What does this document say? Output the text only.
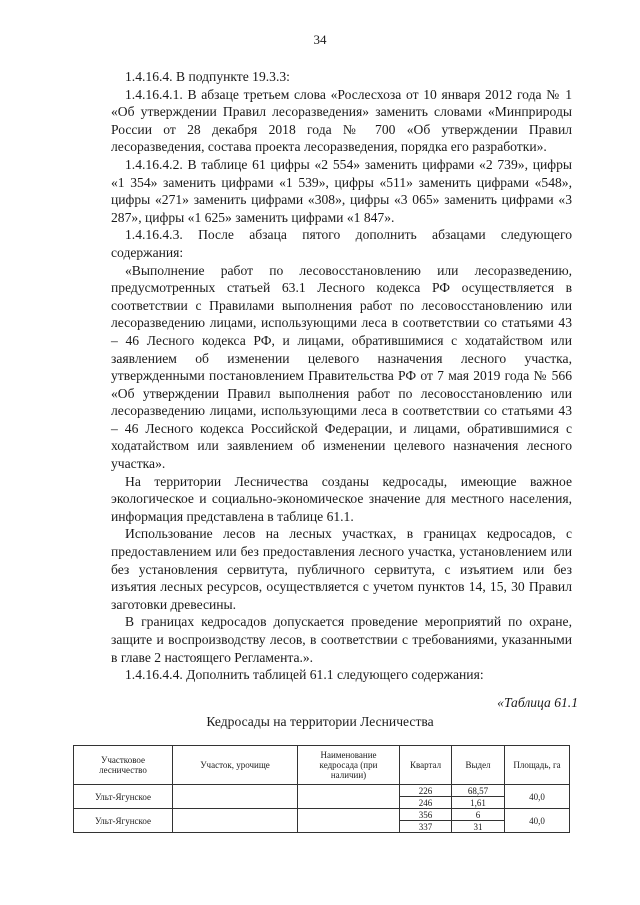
34

1.4.16.4. В подпункте 19.3.3:

1.4.16.4.1. В абзаце третьем слова «Рослесхоза от 10 января 2012 года № 1 «Об утверждении Правил лесоразведения» заменить словами «Минприроды России от 28 декабря 2018 года № 700 «Об утверждении Правил лесоразведения, состава проекта лесоразведения, порядка его разработки».

1.4.16.4.2. В таблице 61 цифры «2 554» заменить цифрами «2 739», цифры «1 354» заменить цифрами «1 539», цифры «511» заменить цифрами «548», цифры «271» заменить цифрами «308», цифры «3 065» заменить цифрами «3 287», цифры «1 625» заменить цифрами «1 847».

1.4.16.4.3. После абзаца пятого дополнить абзацами следующего содержания:

«Выполнение работ по лесовосстановлению или лесоразведению, предусмотренных статьей 63.1 Лесного кодекса РФ осуществляется в соответствии с Правилами выполнения работ по лесовосстановлению или лесоразведению лицами, использующими леса в соответствии со статьями 43 – 46 Лесного кодекса РФ, и лицами, обратившимися с ходатайством или заявлением об изменении целевого назначения лесного участка, утвержденными постановлением Правительства РФ от 7 мая 2019 года № 566 «Об утверждении Правил выполнения работ по лесовосстановлению или лесоразведению лицами, использующими леса в соответствии со статьями 43 – 46 Лесного кодекса Российской Федерации, и лицами, обратившимися с ходатайством или заявлением об изменении целевого назначения лесного участка».

На территории Лесничества созданы кедросады, имеющие важное экологическое и социально-экономическое значение для местного населения, информация представлена в таблице 61.1.

Использование лесов на лесных участках, в границах кедросадов, с предоставлением или без предоставления лесного участка, установлением или без установления сервитута, публичного сервитута, с изъятием или без изъятия лесных ресурсов, осуществляется с учетом пунктов 14, 15, 30 Правил заготовки древесины.

В границах кедросадов допускается проведение мероприятий по охране, защите и воспроизводству лесов, в соответствии с требованиями, указанными в главе 2 настоящего Регламента.».

1.4.16.4.4. Дополнить таблицей 61.1 следующего содержания:

«Таблица 61.1
Кедросады на территории Лесничества
Участковое лесничество	Участок, урочище	Наименование кедросада (при наличии)	Квартал	Выдел	Площадь, га
Ульт-Ягунское			226	68,57	40,0
			246	1,61	
Ульт-Ягунское			356	6	40,0
			337	31	
